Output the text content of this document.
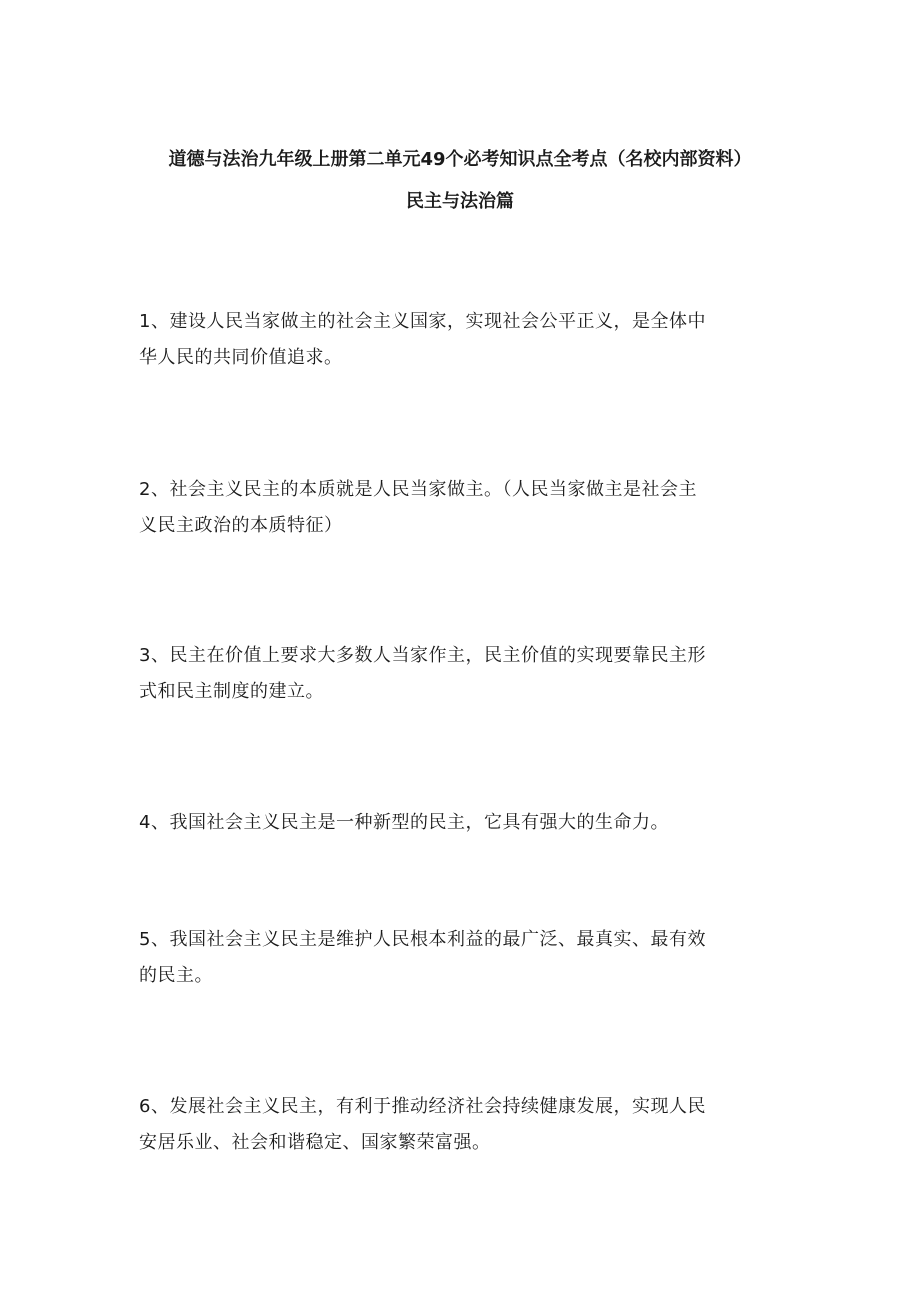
道德与法治九年级上册第二单元49个必考知识点全考点（名校内部资料）
民主与法治篇

1、建设人民当家做主的社会主义国家，实现社会公平正义，是全体中
华人民的共同价值追求。

2、社会主义民主的本质就是人民当家做主。（人民当家做主是社会主
义民主政治的本质特征）

3、民主在价值上要求大多数人当家作主，民主价值的实现要靠民主形
式和民主制度的建立。

4、我国社会主义民主是一种新型的民主，它具有强大的生命力。

5、我国社会主义民主是维护人民根本利益的最广泛、最真实、最有效
的民主。

6、发展社会主义民主，有利于推动经济社会持续健康发展，实现人民
安居乐业、社会和谐稳定、国家繁荣富强。
